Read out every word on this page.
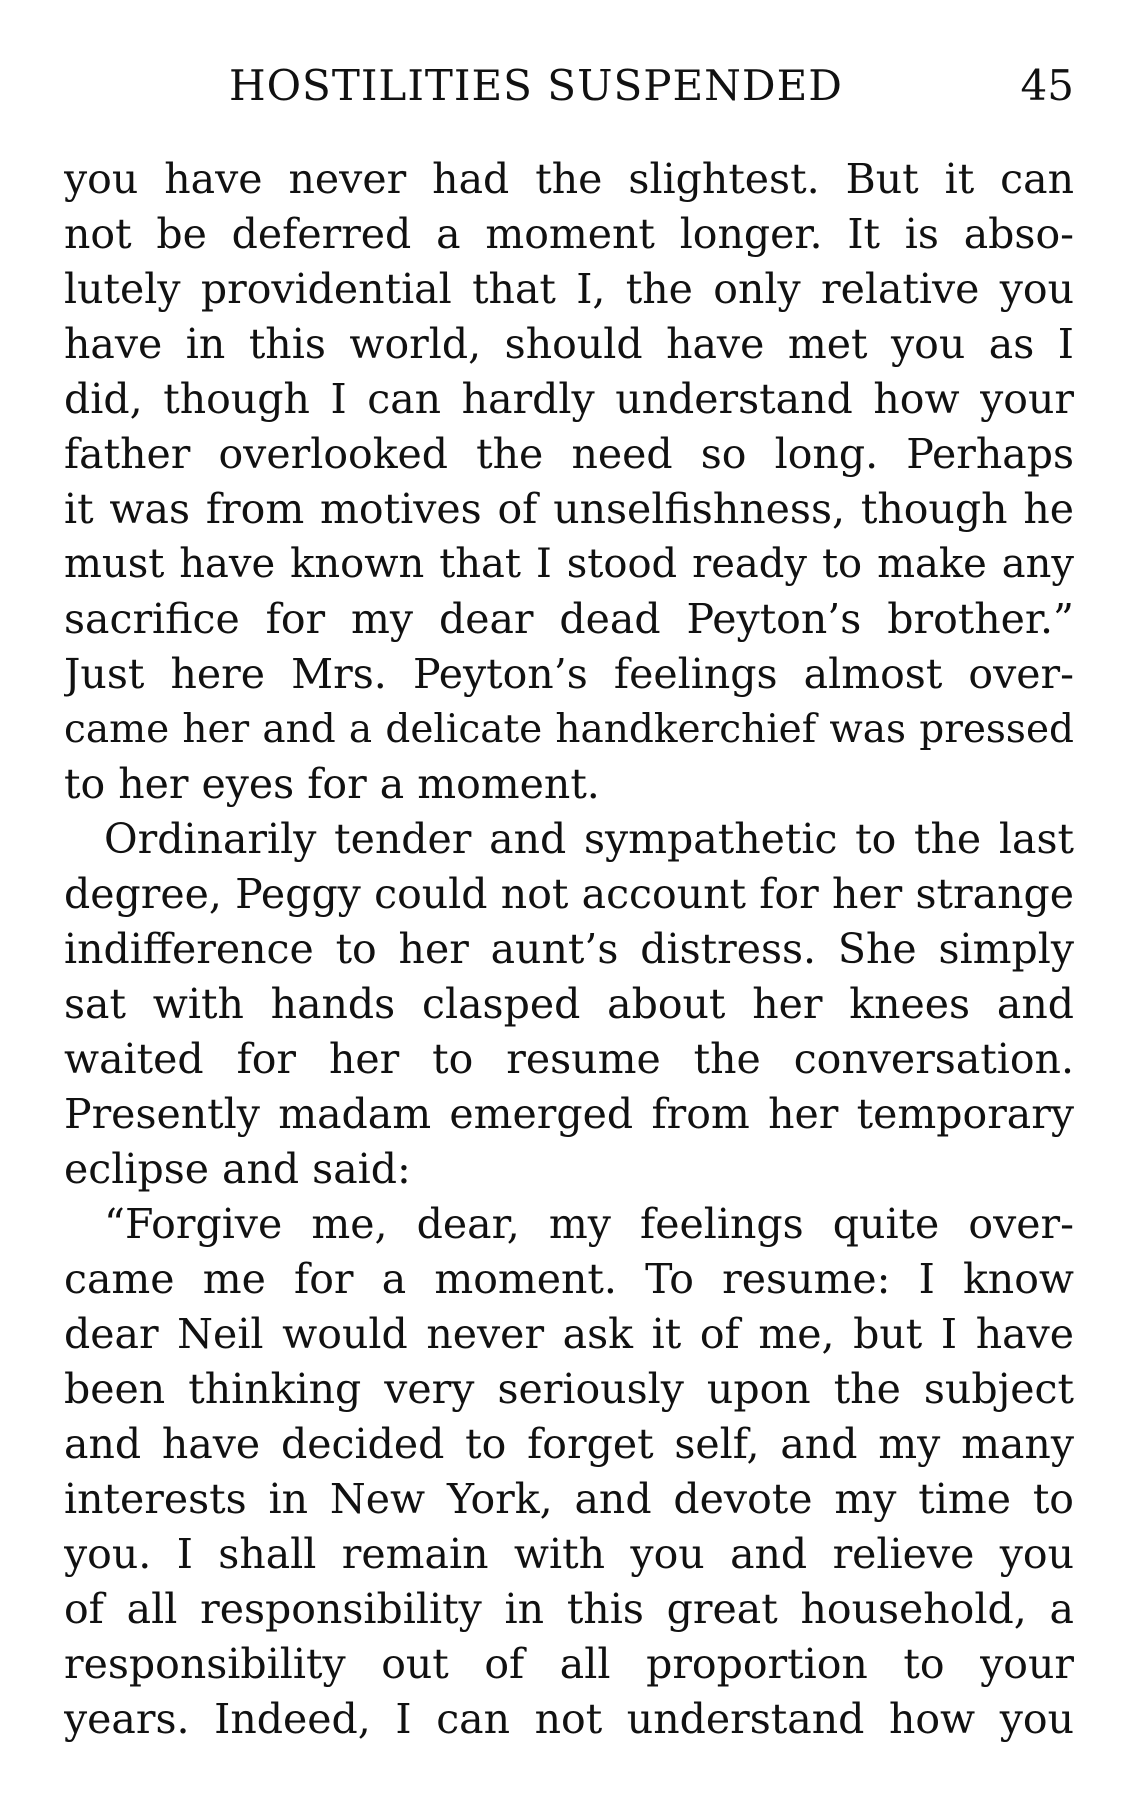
HOSTILITIES SUSPENDED	45
you have never had the slightest. But it can
not be deferred a moment longer. It is abso-
lutely providential that I, the only relative you
have in this world, should have met you as I
did, though I can hardly understand how your
father overlooked the need so long. Perhaps
it was from motives of unselfishness, though he
must have known that I stood ready to make any
sacrifice for my dear dead Peyton’s brother.”
Just here Mrs. Peyton’s feelings almost over-
came her and a delicate handkerchief was pressed
to her eyes for a moment.
Ordinarily tender and sympathetic to the last
degree, Peggy could not account for her strange
indifference to her aunt’s distress. She simply
sat with hands clasped about her knees and
waited for her to resume the conversation.
Presently madam emerged from her temporary
eclipse and said:
“Forgive me, dear, my feelings quite over-
came me for a moment. To resume: I know
dear Neil would never ask it of me, but I have
been thinking very seriously upon the subject
and have decided to forget self, and my many
interests in New York, and devote my time to
you. I shall remain with you and relieve you
of all responsibility in this great household, a
responsibility out of all proportion to your
years. Indeed, I can not understand how you
